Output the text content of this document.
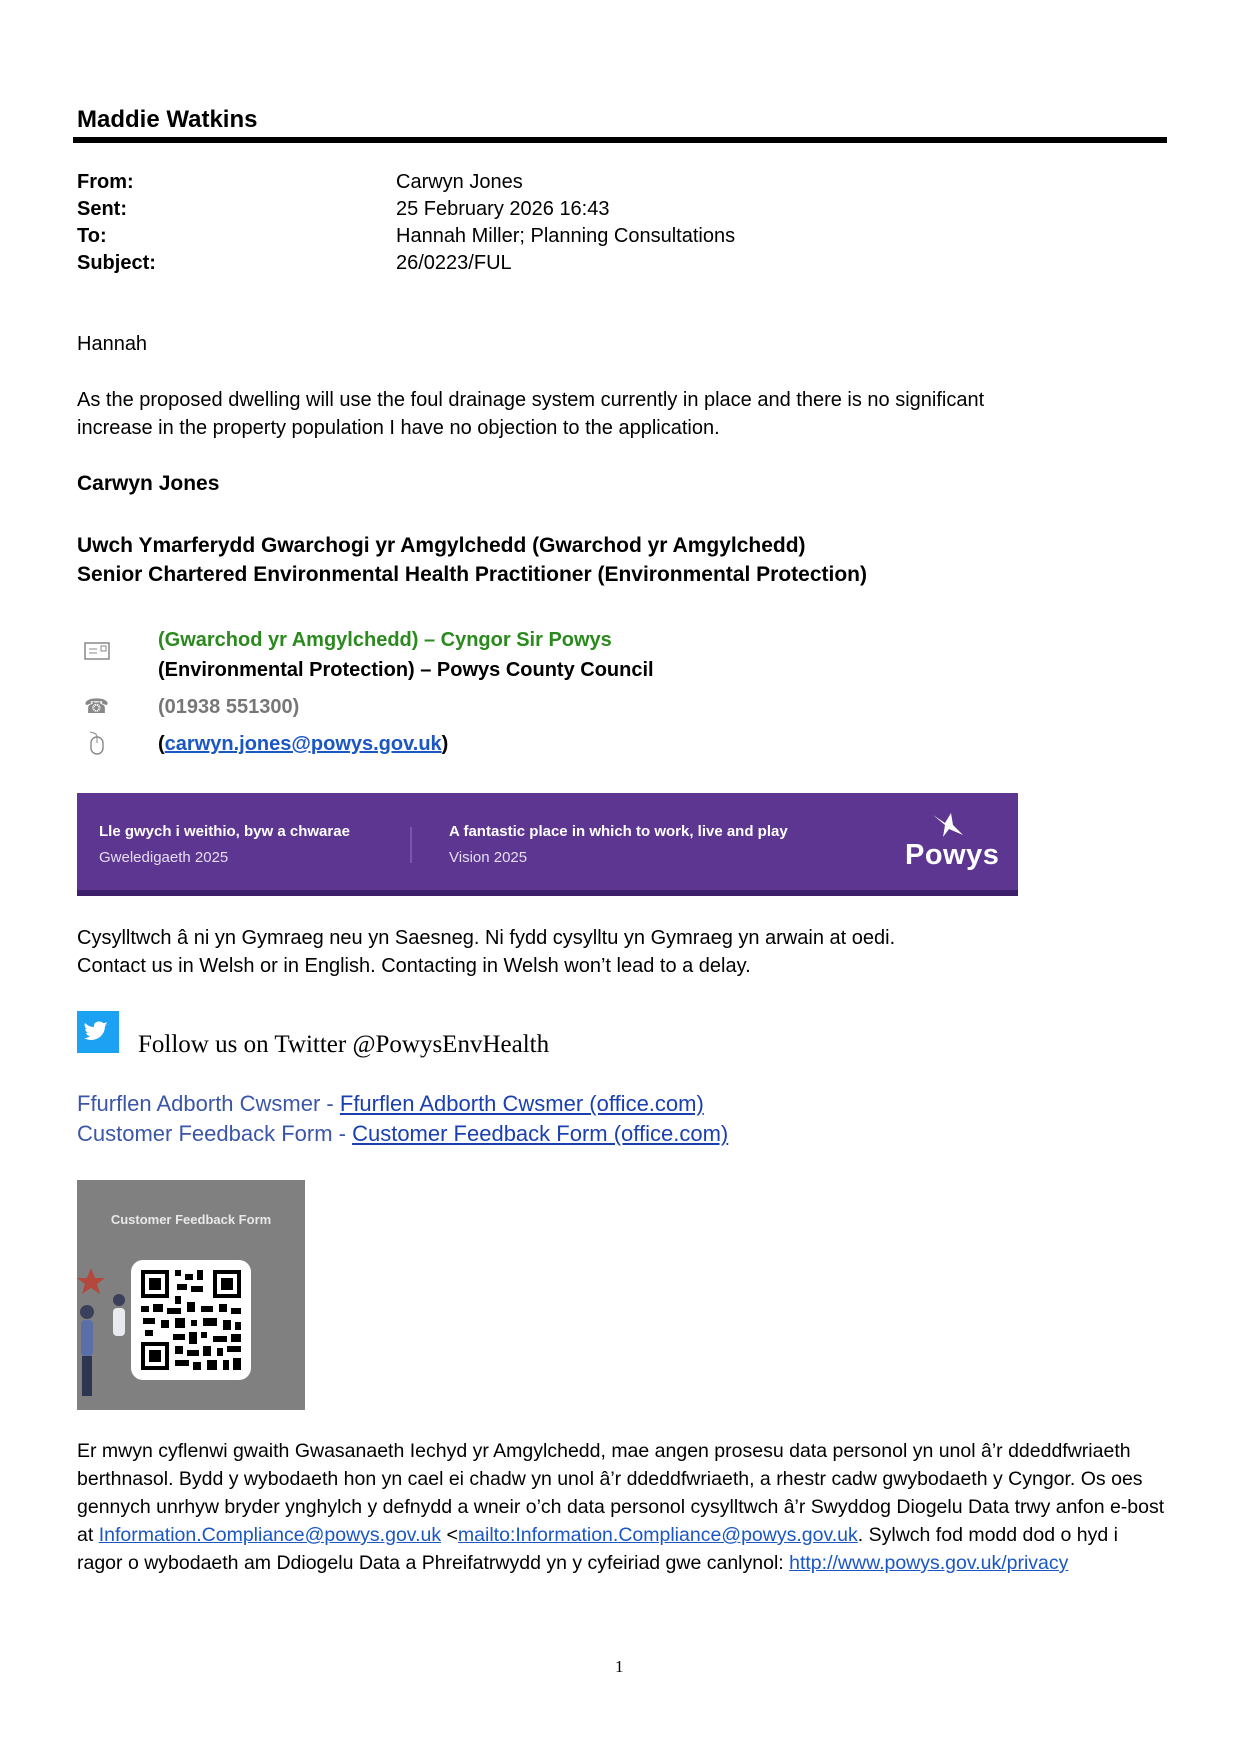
Maddie Watkins
From:	Carwyn Jones
Sent:	25 February 2026 16:43
To:	Hannah Miller; Planning Consultations
Subject:	26/0223/FUL
Hannah
As the proposed dwelling will use the foul drainage system currently in place and there is no significant
increase in the property population I have no objection to the application.
Carwyn Jones
Uwch Ymarferydd Gwarchogi yr Amgylchedd (Gwarchod yr Amgylchedd)
Senior Chartered Environmental Health Practitioner (Environmental Protection)
(Gwarchod yr Amgylchedd) – Cyngor Sir Powys
(Environmental Protection) – Powys County Council
☎ (01938 551300)
(carwyn.jones@powys.gov.uk)
Lle gwych i weithio, byw a chwarae
Gweledigaeth 2025
A fantastic place in which to work, live and play
Vision 2025	Powys
Cysylltwch â ni yn Gymraeg neu yn Saesneg. Ni fydd cysylltu yn Gymraeg yn arwain at oedi.
Contact us in Welsh or in English. Contacting in Welsh won’t lead to a delay.
Follow us on Twitter @PowysEnvHealth
Ffurflen Adborth Cwsmer - Ffurflen Adborth Cwsmer (office.com)
Customer Feedback Form - Customer Feedback Form (office.com)
Customer Feedback Form
Er mwyn cyflenwi gwaith Gwasanaeth Iechyd yr Amgylchedd, mae angen prosesu data personol yn unol â’r ddeddfwriaeth berthnasol. Bydd y wybodaeth hon yn cael ei chadw yn unol â’r ddeddfwriaeth, a rhestr cadw gwybodaeth y Cyngor. Os oes gennych unrhyw bryder ynghylch y defnydd a wneir o’ch data personol cysylltwch â’r Swyddog Diogelu Data trwy anfon e-bost at Information.Compliance@powys.gov.uk <mailto:Information.Compliance@powys.gov.uk. Sylwch fod modd dod o hyd i ragor o wybodaeth am Ddiogelu Data a Phreifatrwydd yn y cyfeiriad gwe canlynol: http://www.powys.gov.uk/privacy
1
